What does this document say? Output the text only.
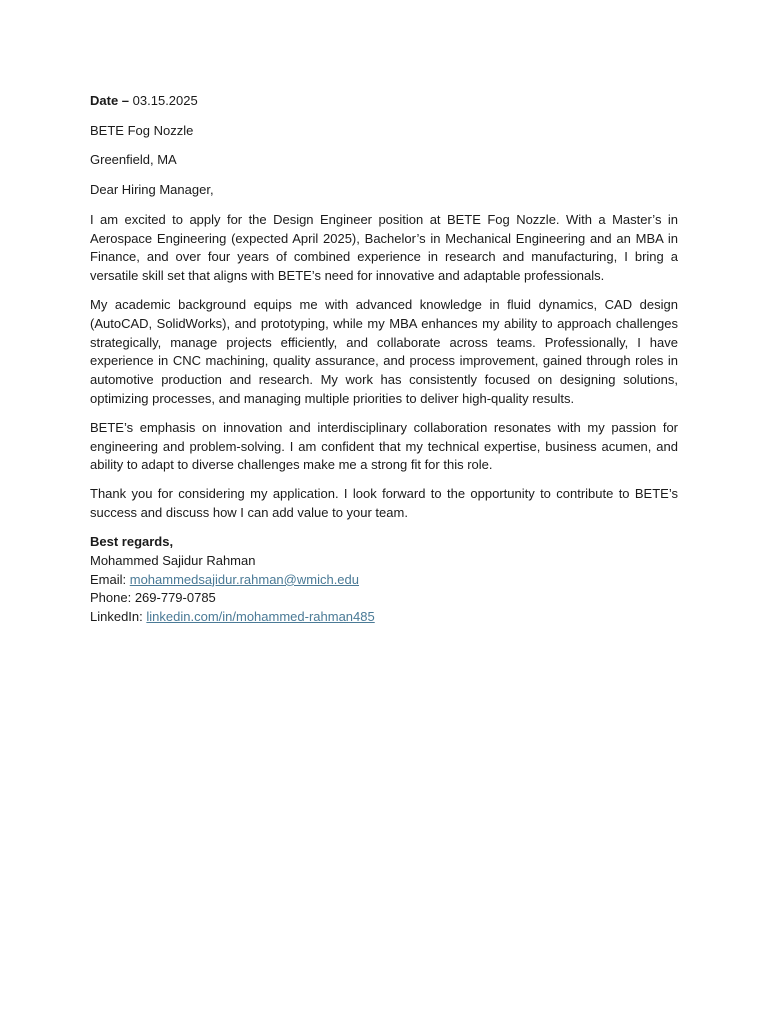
Date – 03.15.2025

BETE Fog Nozzle

Greenfield, MA

Dear Hiring Manager,

I am excited to apply for the Design Engineer position at BETE Fog Nozzle. With a Master’s in Aerospace Engineering (expected April 2025), Bachelor’s in Mechanical Engineering and an MBA in Finance, and over four years of combined experience in research and manufacturing, I bring a versatile skill set that aligns with BETE’s need for innovative and adaptable professionals.

My academic background equips me with advanced knowledge in fluid dynamics, CAD design (AutoCAD, SolidWorks), and prototyping, while my MBA enhances my ability to approach challenges strategically, manage projects efficiently, and collaborate across teams. Professionally, I have experience in CNC machining, quality assurance, and process improvement, gained through roles in automotive production and research. My work has consistently focused on designing solutions, optimizing processes, and managing multiple priorities to deliver high-quality results.

BETE’s emphasis on innovation and interdisciplinary collaboration resonates with my passion for engineering and problem-solving. I am confident that my technical expertise, business acumen, and ability to adapt to diverse challenges make me a strong fit for this role.

Thank you for considering my application. I look forward to the opportunity to contribute to BETE’s success and discuss how I can add value to your team.

Best regards,

Mohammed Sajidur Rahman

Email: mohammedsajidur.rahman@wmich.edu

Phone: 269-779-0785

LinkedIn: linkedin.com/in/mohammed-rahman485
